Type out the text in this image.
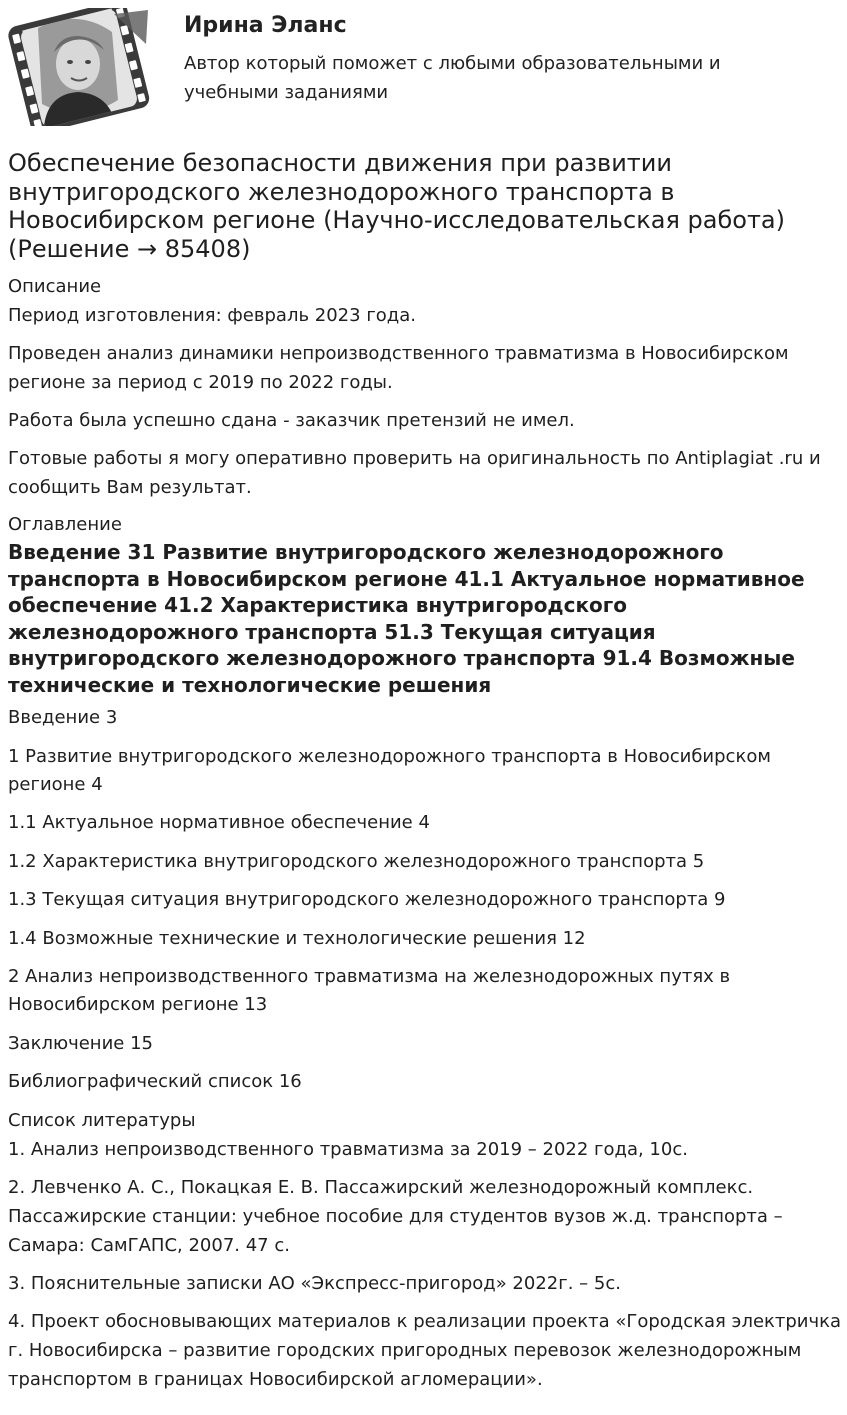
Ирина Эланс

Автор который поможет с любыми образовательными и учебными заданиями

Обеспечение безопасности движения при развитии внутригородского железнодорожного транспорта в Новосибирском регионе (Научно-исследовательская работа) (Решение → 85408)
Описание

Период изготовления: февраль 2023 года.

Проведен анализ динамики непроизводственного травматизма в Новосибирском регионе за период с 2019 по 2022 годы.

Работа была успешно сдана - заказчик претензий не имел.

Готовые работы я могу оперативно проверить на оригинальность по Antiplagiat .ru и сообщить Вам результат.

Оглавление

Введение 31 Развитие внутригородского железнодорожного транспорта в Новосибирском регионе 41.1 Актуальное нормативное обеспечение 41.2 Характеристика внутригородского железнодорожного транспорта 51.3 Текущая ситуация внутригородского железнодорожного транспорта 91.4 Возможные технические и технологические решения

Введение 3

1 Развитие внутригородского железнодорожного транспорта в Новосибирском регионе 4

1.1 Актуальное нормативное обеспечение 4

1.2 Характеристика внутригородского железнодорожного транспорта 5

1.3 Текущая ситуация внутригородского железнодорожного транспорта 9

1.4 Возможные технические и технологические решения 12

2 Анализ непроизводственного травматизма на железнодорожных путях в Новосибирском регионе 13

Заключение 15

Библиографический список 16

Список литературы

1. Анализ непроизводственного травматизма за 2019 – 2022 года, 10с.

2. Левченко А. С., Покацкая Е. В. Пассажирский железнодорожный комплекс. Пассажирские станции: учебное пособие для студентов вузов ж.д. транспорта – Самара: СамГАПС, 2007. 47 с.

3. Пояснительные записки АО «Экспресс-пригород» 2022г. – 5с.

4. Проект обосновывающих материалов к реализации проекта «Городская электричка г. Новосибирска – развитие городских пригородных перевозок железнодорожным транспортом в границах Новосибирской агломерации».
